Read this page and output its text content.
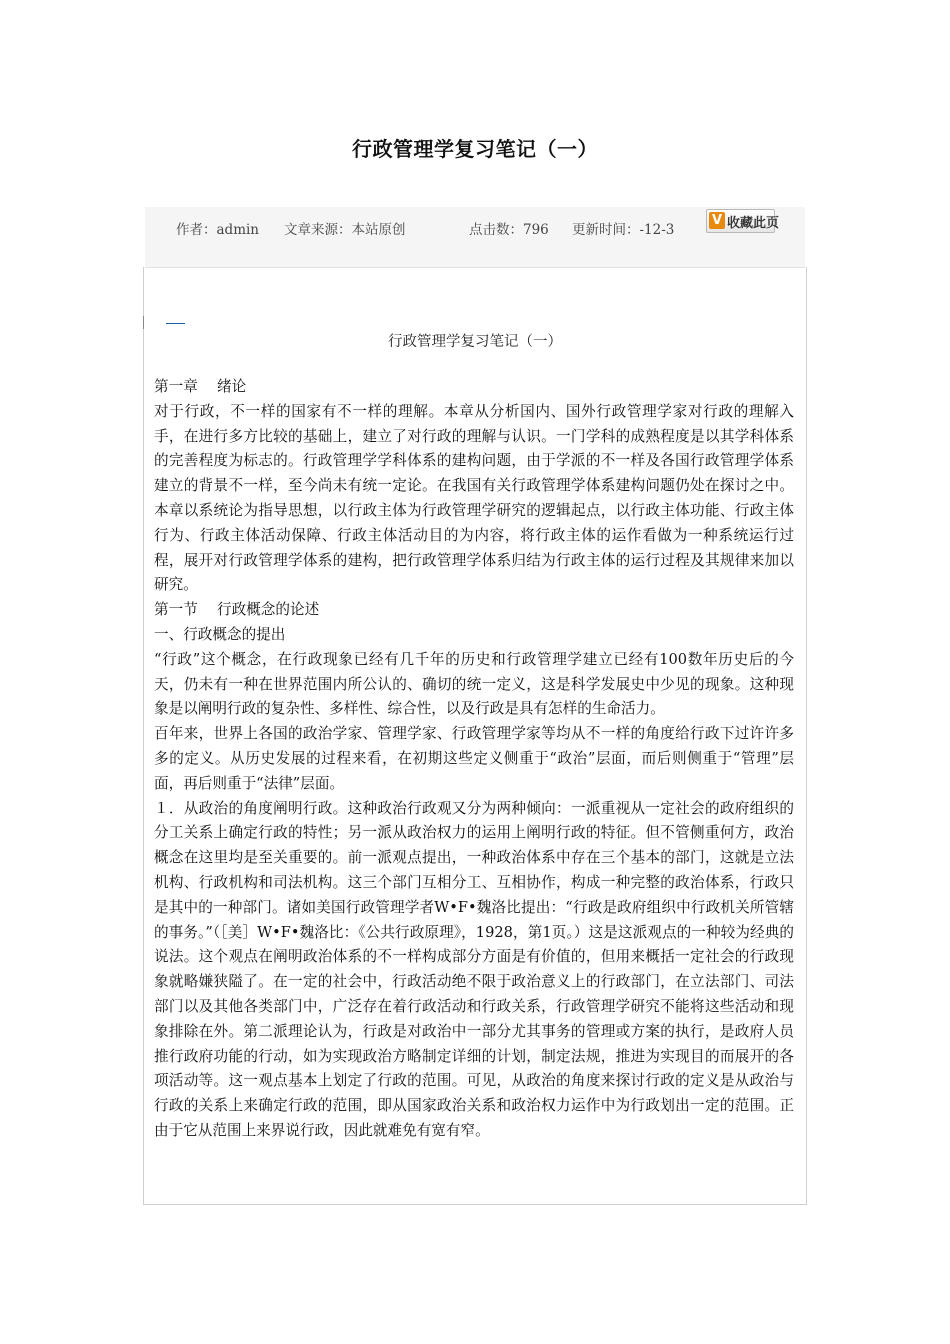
行政管理学复习笔记（一）
作者：admin 文章来源：本站原创	点击数：796 更新时间：-12-3
V 收藏此页
行政管理学复习笔记（一）

第一章　 绪论

对于行政，不一样的国家有不一样的理解。本章从分析国内、国外行政管理学家对行政的理解入手，在进行多方比较的基础上，建立了对行政的理解与认识。一门学科的成熟程度是以其学科体系的完善程度为标志的。行政管理学学科体系的建构问题，由于学派的不一样及各国行政管理学体系建立的背景不一样，至今尚未有统一定论。在我国有关行政管理学体系建构问题仍处在探讨之中。本章以系统论为指导思想，以行政主体为行政管理学研究的逻辑起点，以行政主体功能、行政主体行为、行政主体活动保障、行政主体活动目的为内容，将行政主体的运作看做为一种系统运行过程，展开对行政管理学体系的建构，把行政管理学体系归结为行政主体的运行过程及其规律来加以研究。

第一节　 行政概念的论述

一、行政概念的提出

“行政”这个概念，在行政现象已经有几千年的历史和行政管理学建立已经有100数年历史后的今天，仍未有一种在世界范围内所公认的、确切的统一定义，这是科学发展史中少见的现象。这种现象是以阐明行政的复杂性、多样性、综合性，以及行政是具有怎样的生命活力。

百年来，世界上各国的政治学家、管理学家、行政管理学家等均从不一样的角度给行政下过许许多多的定义。从历史发展的过程来看，在初期这些定义侧重于“政治”层面，而后则侧重于“管理”层面，再后则重于“法律”层面。

１．从政治的角度阐明行政。这种政治行政观又分为两种倾向：一派重视从一定社会的政府组织的分工关系上确定行政的特性；另一派从政治权力的运用上阐明行政的特征。但不管侧重何方，政治概念在这里均是至关重要的。前一派观点提出，一种政治体系中存在三个基本的部门，这就是立法机构、行政机构和司法机构。这三个部门互相分工、互相协作，构成一种完整的政治体系，行政只是其中的一种部门。诸如美国行政管理学者W•F•魏洛比提出：“行政是政府组织中行政机关所管辖的事务。”（［美］W•F•魏洛比：《公共行政原理》，1928，第1页。）这是这派观点的一种较为经典的说法。这个观点在阐明政治体系的不一样构成部分方面是有价值的，但用来概括一定社会的行政现象就略嫌狭隘了。在一定的社会中，行政活动绝不限于政治意义上的行政部门，在立法部门、司法部门以及其他各类部门中，广泛存在着行政活动和行政关系，行政管理学研究不能将这些活动和现象排除在外。第二派理论认为，行政是对政治中一部分尤其事务的管理或方案的执行，是政府人员推行政府功能的行动，如为实现政治方略制定详细的计划，制定法规，推进为实现目的而展开的各项活动等。这一观点基本上划定了行政的范围。可见，从政治的角度来探讨行政的定义是从政治与行政的关系上来确定行政的范围，即从国家政治关系和政治权力运作中为行政划出一定的范围。正由于它从范围上来界说行政，因此就难免有宽有窄。
